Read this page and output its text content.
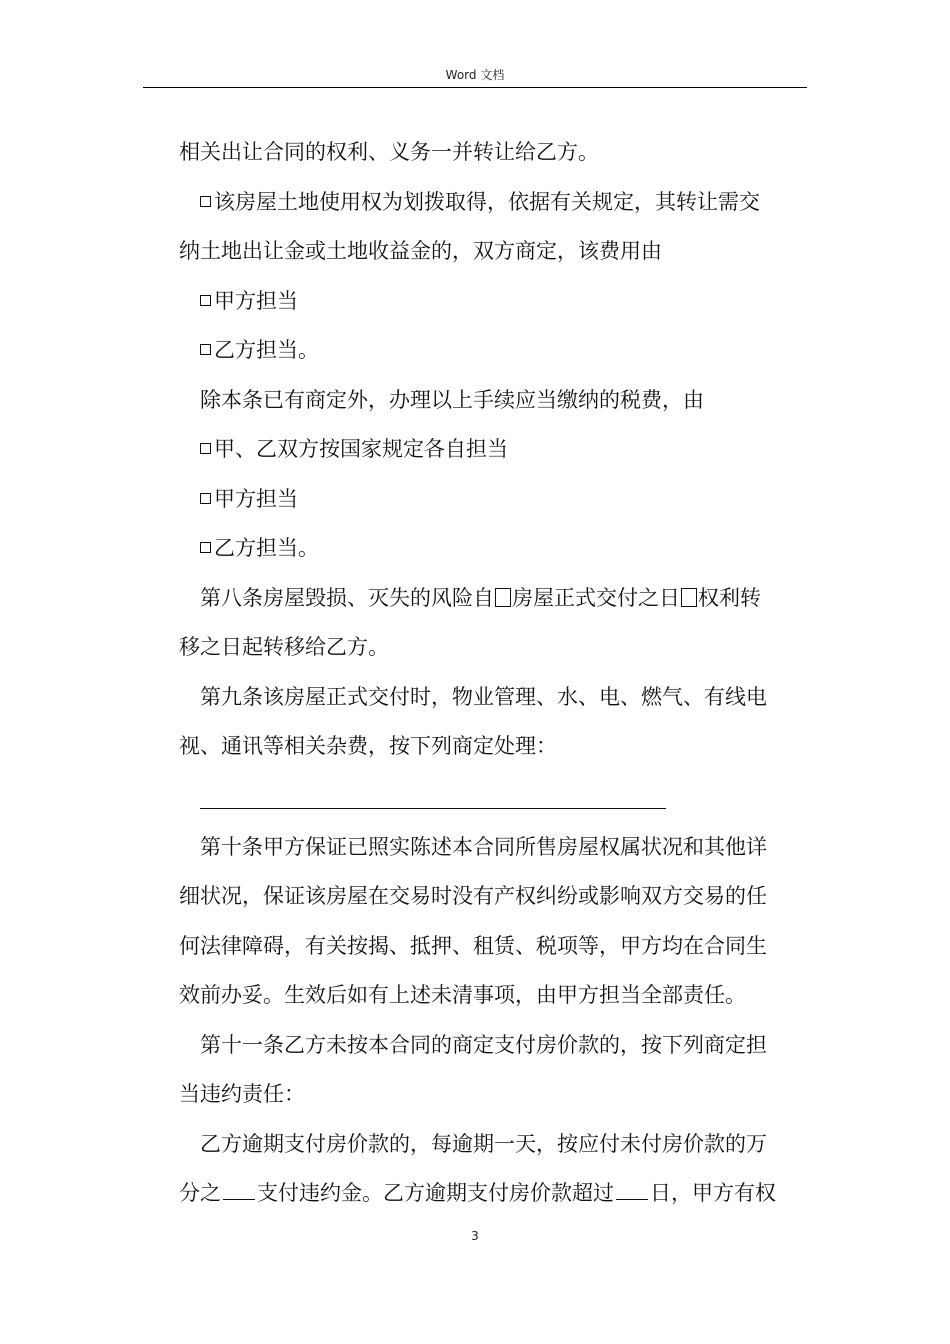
Word 文档
相关出让合同的权利、义务一并转让给乙方。
该房屋土地使用权为划拨取得，依据有关规定，其转让需交
纳土地出让金或土地收益金的，双方商定，该费用由
甲方担当
乙方担当。
除本条已有商定外，办理以上手续应当缴纳的税费，由
甲、乙双方按国家规定各自担当
甲方担当
乙方担当。
第八条房屋毁损、灭失的风险自 房屋正式交付之日 权利转
移之日起转移给乙方。
第九条该房屋正式交付时，物业管理、水、电、燃气、有线电
视、通讯等相关杂费，按下列商定处理：
第十条甲方保证已照实陈述本合同所售房屋权属状况和其他详
细状况，保证该房屋在交易时没有产权纠纷或影响双方交易的任
何法律障碍，有关按揭、抵押、租赁、税项等，甲方均在合同生
效前办妥。生效后如有上述未清事项，由甲方担当全部责任。
第十一条乙方未按本合同的商定支付房价款的，按下列商定担
当违约责任：
乙方逾期支付房价款的，每逾期一天，按应付未付房价款的万
分之 支付违约金。乙方逾期支付房价款超过 日，甲方有权
3
